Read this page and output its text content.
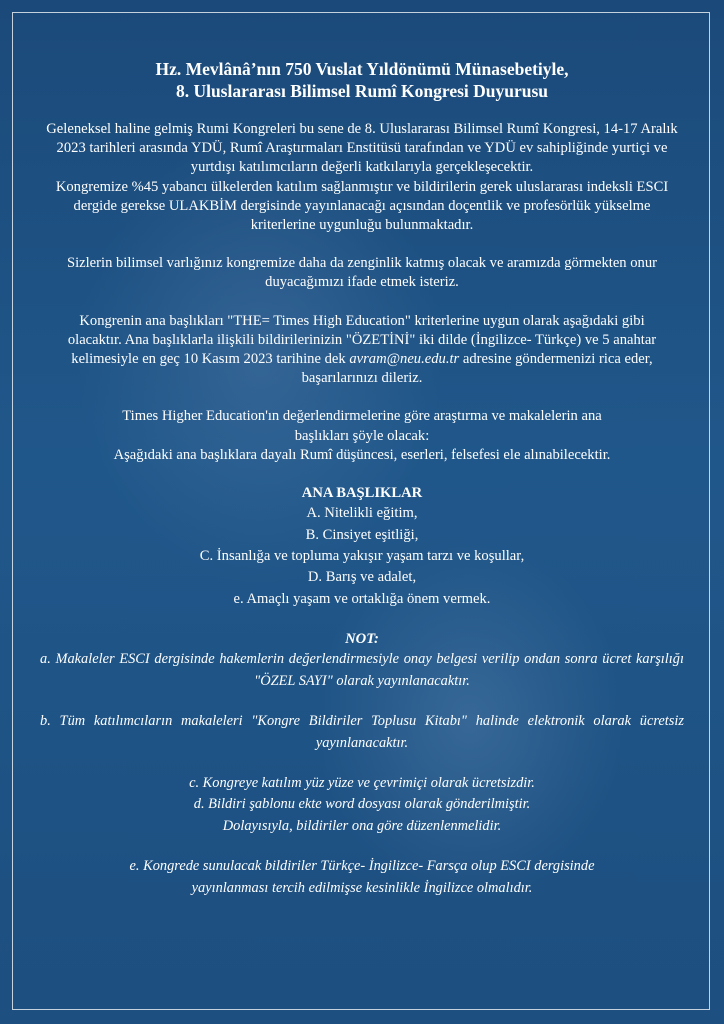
Hz. Mevlânâ’nın 750 Vuslat Yıldönümü Münasebetiyle,
8. Uluslararası Bilimsel Rumî Kongresi Duyurusu

Geleneksel haline gelmiş Rumi Kongreleri bu sene de 8. Uluslararası Bilimsel Rumî Kongresi, 14-17 Aralık 2023 tarihleri arasında YDÜ, Rumî Araştırmaları Enstitüsü tarafından ve YDÜ ev sahipliğinde yurtiçi ve yurtdışı katılımcıların değerli katkılarıyla gerçekleşecektir.

Kongremize %45 yabancı ülkelerden katılım sağlanmıştır ve bildirilerin gerek uluslararası indeksli ESCI dergide gerekse ULAKBİM dergisinde yayınlanacağı açısından doçentlik ve profesörlük yükselme kriterlerine uygunluğu bulunmaktadır.

Sizlerin bilimsel varlığınız kongremize daha da zenginlik katmış olacak ve aramızda görmekten onur duyacağımızı ifade etmek isteriz.

Kongrenin ana başlıkları "THE= Times High Education" kriterlerine uygun olarak aşağıdaki gibi olacaktır. Ana başlıklarla ilişkili bildirilerinizin "ÖZETİNİ" iki dilde (İngilizce- Türkçe) ve 5 anahtar kelimesiyle en geç 10 Kasım 2023 tarihine dek avram@neu.edu.tr adresine göndermenizi rica eder, başarılarınızı dileriz.

Times Higher Education'ın değerlendirmelerine göre araştırma ve makalelerin ana başlıkları şöyle olacak:

Aşağıdaki ana başlıklara dayalı Rumî düşüncesi, eserleri, felsefesi ele alınabilecektir.

ANA BAŞLIKLAR
A. Nitelikli eğitim,
B. Cinsiyet eşitliği,
C. İnsanlığa ve topluma yakışır yaşam tarzı ve koşullar,
D. Barış ve adalet,
e. Amaçlı yaşam ve ortaklığa önem vermek.
NOT:

a. Makaleler ESCI dergisinde hakemlerin değerlendirmesiyle onay belgesi verilip ondan sonra ücret karşılığı "ÖZEL SAYI" olarak yayınlanacaktır.

b. Tüm katılımcıların makaleleri "Kongre Bildiriler Toplusu Kitabı" halinde elektronik olarak ücretsiz yayınlanacaktır.

c. Kongreye katılım yüz yüze ve çevrimiçi olarak ücretsizdir.

d. Bildiri şablonu ekte word dosyası olarak gönderilmiştir.

Dolayısıyla, bildiriler ona göre düzenlenmelidir.

e. Kongrede sunulacak bildiriler Türkçe- İngilizce- Farsça olup ESCI dergisinde yayınlanması tercih edilmişse kesinlikle İngilizce olmalıdır.
